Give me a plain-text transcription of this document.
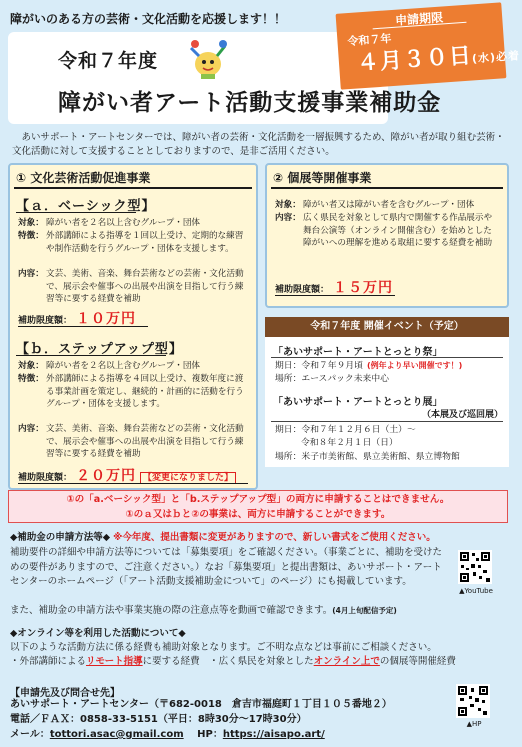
障がいのある方の芸術・文化活動を応援します！！
令和７年度
障がい者アート活動支援事業補助金
申請期限
令和７年
４月３０日(水)必着
あいサポート・アートセンターでは、障がい者の芸術・文化活動を一層振興するため、障がい者が取り組む芸術・文化活動に対して支援することとしておりますので、是非ご活用ください。
① 文化芸術活動促進事業
【ａ．ベーシック型】
対象： 障がい者を２名以上含むグループ・団体
特徴： 外部講師による指導を１回以上受け、定期的な練習や制作活動を行うグループ・団体を支援します。
内容： 文芸、美術、音楽、舞台芸術などの芸術・文化活動で、展示会や催事への出展や出演を目指して行う練習等に要する経費を補助
補助限度額： １０万円
【ｂ．ステップアップ型】
対象： 障がい者を２名以上含むグループ・団体
特徴： 外部講師による指導を４回以上受け、複数年度に渡る事業計画を策定し、継続的・計画的に活動を行うグループ・団体を支援します。
内容： 文芸、美術、音楽、舞台芸術などの芸術・文化活動で、展示会や催事への出展や出演を目指して行う練習等に要する経費を補助
補助限度額： ２０万円 【変更になりました】
② 個展等開催事業
対象： 障がい者又は障がい者を含むグループ・団体
内容： 広く県民を対象として県内で開催する作品展示や舞台公演等（オンライン開催含む）を始めとした障がいへの理解を進める取組に要する経費を補助
補助限度額： １５万円
令和７年度 開催イベント（予定）
「あいサポート・アートとっとり祭」
期日：令和７年９月頃 (例年より早い開催です！)
場所：エースパック未来中心
「あいサポート・アートとっとり展」
（本展及び巡回展）
期日：令和７年１２月６日（土）～
令和８年２月１日（日）
場所：米子市美術館、県立美術館、県立博物館
①の「a.ベーシック型」と「b.ステップアップ型」の両方に申請することはできません。
①のａ又はｂと②の事業は、両方に申請することができます。
◆補助金の申請方法等◆ ※今年度、提出書類に変更がありますので、新しい書式をご使用ください。
補助要件の詳細や申請方法等については「募集要項」をご確認ください。（事業ごとに、補助を受けための要件がありますので、ご注意ください。）なお「募集要項」と提出書類は、あいサポート・アートセンターのホームページ（「アート活動支援補助金について」のページ）にも掲載しています。
また、補助金の申請方法や事業実施の際の注意点等を動画で確認できます。(4月上旬配信予定)
▲YouTube
◆オンライン等を利用した活動について◆
以下のような活動方法に係る経費も補助対象となります。ご不明な点などは事前にご相談ください。
・外部講師によるリモート指導に要する経費　・広く県民を対象としたオンライン上での個展等開催経費
【申請先及び問合せ先】
あいサポート・アートセンター（〒682-0018　倉吉市福庭町１丁目１０５番地２）
電話／ＦＡＸ：0858-33-5151（平日：8時30分～17時30分）
メール：tottori.asac@gmail.com HP：https://aisapo.art/
▲HP
